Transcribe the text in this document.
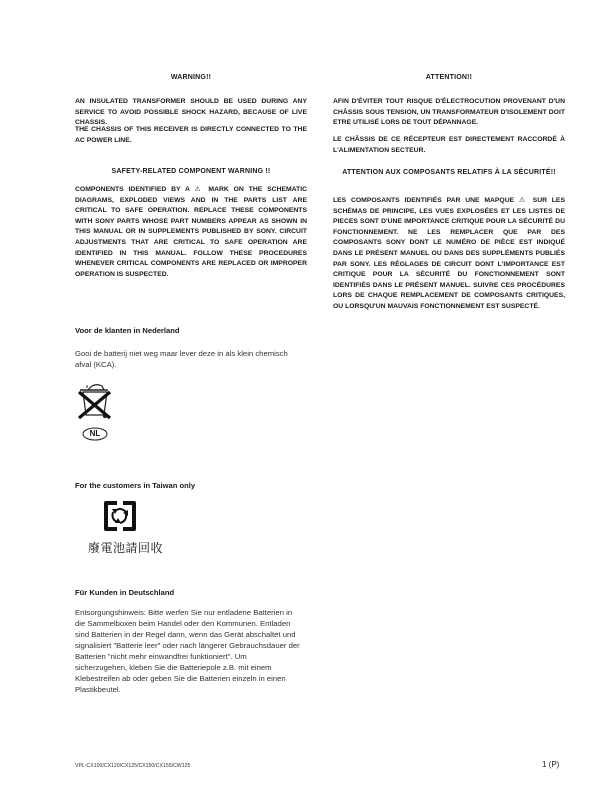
WARNING!!
AN INSULATED TRANSFORMER SHOULD BE USED DURING ANY SERVICE TO AVOID POSSIBLE SHOCK HAZARD, BECAUSE OF LIVE CHASSIS.
THE CHASSIS OF THIS RECEIVER IS DIRECTLY CONNECTED TO THE AC POWER LINE.
SAFETY-RELATED COMPONENT WARNING !!
COMPONENTS IDENTIFIED BY A ⚠ MARK ON THE SCHEMATIC DIAGRAMS, EXPLODED VIEWS AND IN THE PARTS LIST ARE CRITICAL TO SAFE OPERATION. REPLACE THESE COMPONENTS WITH SONY PARTS WHOSE PART NUMBERS APPEAR AS SHOWN IN THIS MANUAL OR IN SUPPLEMENTS PUBLISHED BY SONY. CIRCUIT ADJUSTMENTS THAT ARE CRITICAL TO SAFE OPERATION ARE IDENTIFIED IN THIS MANUAL. FOLLOW THESE PROCEDURES WHENEVER CRITICAL COMPONENTS ARE REPLACED OR IMPROPER OPERATION IS SUSPECTED.
ATTENTION!!
AFIN D'ÉVITER TOUT RISQUE D'ÉLECTROCUTION PROVENANT D'UN CHÂSSIS SOUS TENSION, UN TRANSFORMATEUR D'ISOLEMENT DOIT ETRE UTILISÉ LORS DE TOUT DÉPANNAGE.
LE CHÂSSIS DE CE RÉCEPTEUR EST DIRECTEMENT RACCORDÉ À L'ALIMENTATION SECTEUR.
ATTENTION AUX COMPOSANTS RELATIFS À LA SÉCURITÉ!!
LES COMPOSANTS IDENTIFIÉS PAR UNE MAPQUE ⚠ SUR LES SCHÉMAS DE PRINCIPE, LES VUES EXPLOSÉES ET LES LISTES DE PIECES SONT D'UNE IMPORTANCE CRITIQUE POUR LA SÉCURITÉ DU FONCTIONNEMENT. NE LES REMPLACER QUE PAR DES COMPOSANTS SONY DONT LE NUMÉRO DE PIÈCE EST INDIQUÉ DANS LE PRÉSENT MANUEL OU DANS DES SUPPLÉMENTS PUBLIÉS PAR SONY. LES RÉGLAGES DE CIRCUIT DONT L'IMPORTANCE EST CRITIQUE POUR LA SÉCURITÉ DU FONCTIONNEMENT SONT IDENTIFIÉS DANS LE PRÉSENT MANUEL. SUIVRE CES PROCÉDURES LORS DE CHAQUE REMPLACEMENT DE COMPOSANTS CRITIQUES, OU LORSQU'UN MAUVAIS FONCTIONNEMENT EST SUSPECTÉ.
Voor de klanten in Nederland
Gooi de batterij niet weg maar lever deze in als klein chemisch afval (KCA).
NL
For the customers in Taiwan only
廢電池請回收
Für Kunden in Deutschland
Entsorgungshinweis: Bitte werfen Sie nur entladene Batterien in die Sammelboxen beim Handel oder den Kommunen. Entladen sind Batterien in der Regel dann, wenn das Gerät abschaltet und signalisiert "Batterie leer" oder nach längerer Gebrauchsdauer der Batterien "nicht mehr einwandfrei funktioniert". Um sicherzugehen, kleben Sie die Batteriepole z.B. mit einem Klebestreifen ab oder geben Sie die Batterien einzeln in einen Plastikbeutel.
VPL-CX100/CX120/CX125/CX150/CX155/CW125	1 (P)
